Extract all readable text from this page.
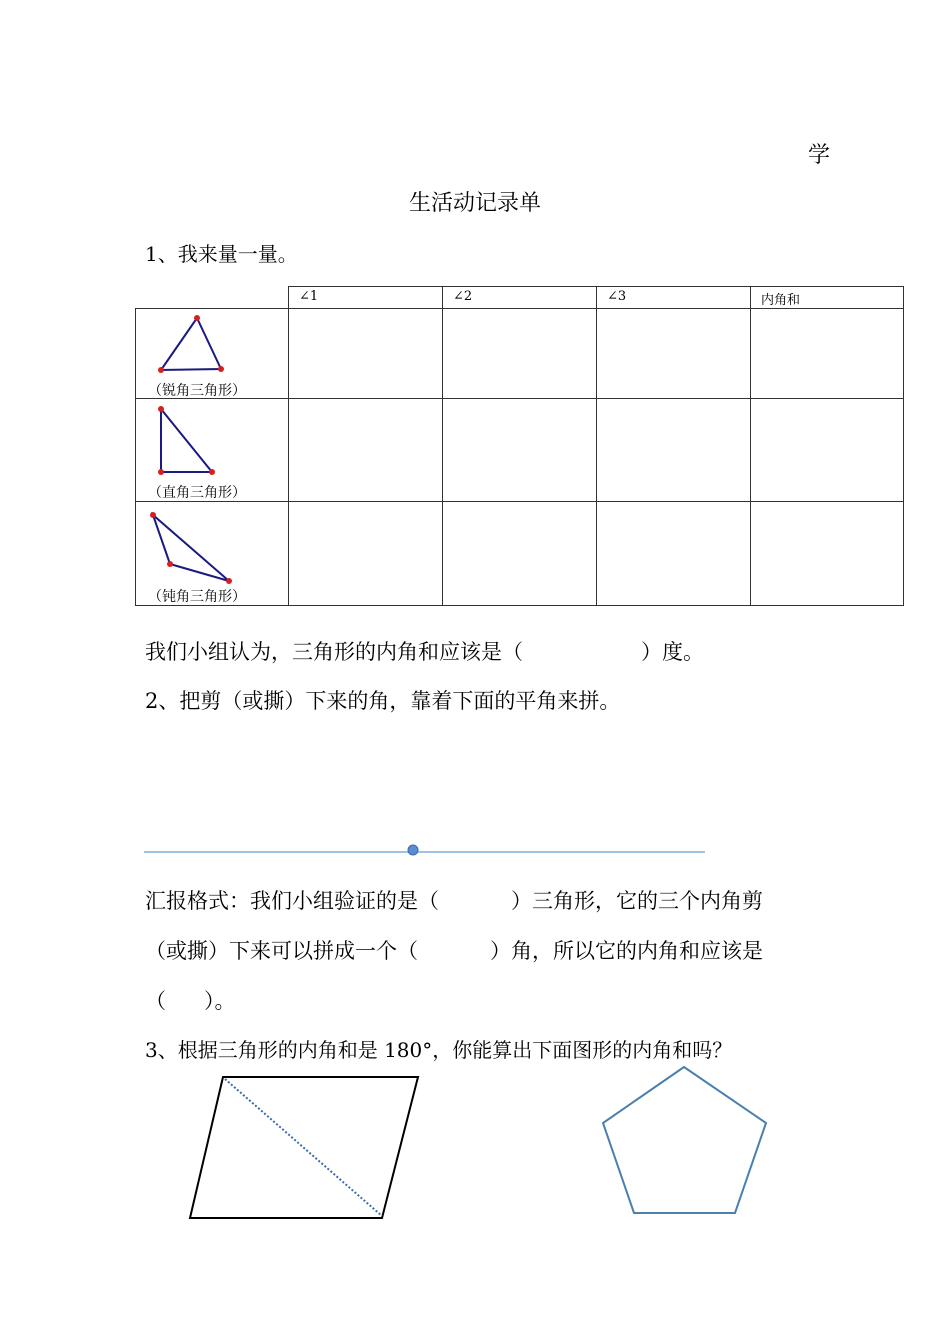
学
生活动记录单
1、我来量一量。
	∠1	∠2	∠3	内角和

（锐角三角形）				

（直角三角形）				

（钝角三角形）				

我们小组认为，三角形的内角和应该是（	）度。
2、把剪（或撕）下来的角，靠着下面的平角来拼。
汇报格式：我们小组验证的是（	）三角形，它的三个内角剪
（或撕）下来可以拼成一个（	）角，所以它的内角和应该是
（ ）。
3、根据三角形的内角和是 180°，你能算出下面图形的内角和吗？
